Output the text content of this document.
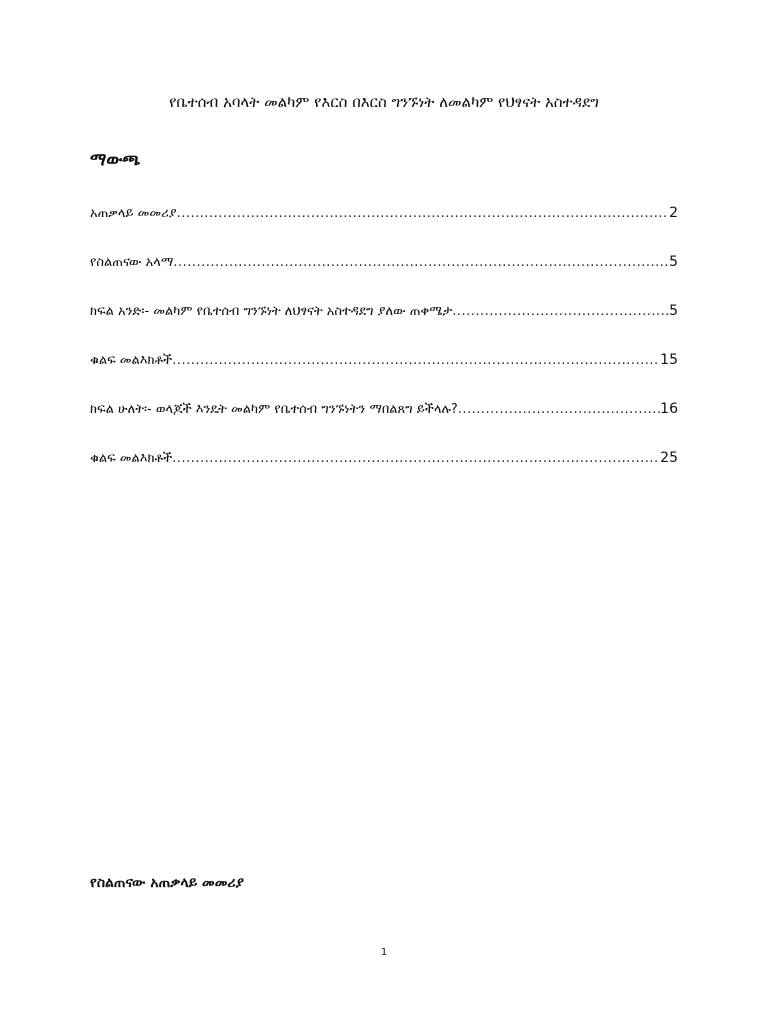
የቤተሰብ አባላት መልካም የእርስ በእርስ ግንኙነት ለመልካም የህፃናት አስተዳደግ
ማውጫ
አጠቃላይ መመሪያ .....	2
የስልጠናው አላማ .....	5
ክፍል አንድ፡- መልካም የቤተሰብ ግንኙነት ለህፃናት አስተዳደግ ያለው ጠቀሜታ .....	5
ቁልፍ መልእክቶች .....	15
ክፍል ሁለት፡- ወላጆች እንዴት መልካም የቤተሰብ ግንኙነትን ማበልጸግ ይችላሉ? .....	16
ቁልፍ መልእክቶች .....	25
የስልጠናው አጠቃላይ መመሪያ
1
